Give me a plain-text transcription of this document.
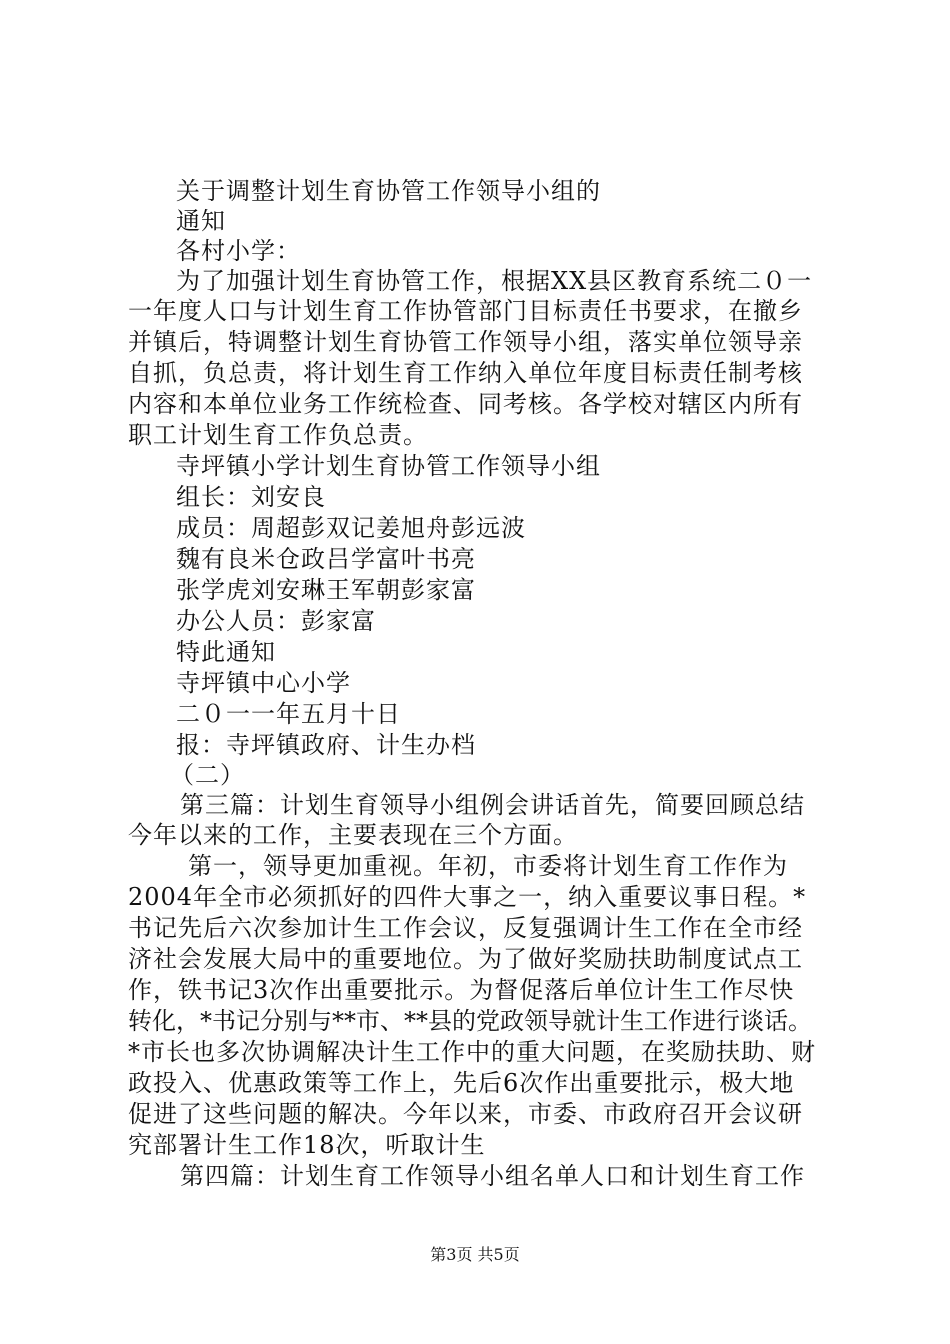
关于调整计划生育协管工作领导小组的
通知
各村小学：
为了加强计划生育协管工作，根据XX县区教育系统二０一
一年度人口与计划生育工作协管部门目标责任书要求，在撤乡
并镇后，特调整计划生育协管工作领导小组，落实单位领导亲
自抓，负总责，将计划生育工作纳入单位年度目标责任制考核
内容和本单位业务工作统检查、同考核。各学校对辖区内所有
职工计划生育工作负总责。
寺坪镇小学计划生育协管工作领导小组
组长：刘安良
成员：周超彭双记姜旭舟彭远波
魏有良米仓政吕学富叶书亮
张学虎刘安琳王军朝彭家富
办公人员：彭家富
特此通知
寺坪镇中心小学
二０一一年五月十日
报：寺坪镇政府、计生办档
（二）
第三篇：计划生育领导小组例会讲话首先，简要回顾总结
今年以来的工作，主要表现在三个方面。
第一，领导更加重视。年初，市委将计划生育工作作为
2004年全市必须抓好的四件大事之一，纳入重要议事日程。*
书记先后六次参加计生工作会议，反复强调计生工作在全市经
济社会发展大局中的重要地位。为了做好奖励扶助制度试点工
作，铁书记3次作出重要批示。为督促落后单位计生工作尽快
转化，*书记分别与**市、**县的党政领导就计生工作进行谈话。
*市长也多次协调解决计生工作中的重大问题，在奖励扶助、财
政投入、优惠政策等工作上，先后6次作出重要批示，极大地
促进了这些问题的解决。今年以来，市委、市政府召开会议研
究部署计生工作18次，听取计生
第四篇：计划生育工作领导小组名单人口和计划生育工作
第3页 共5页
